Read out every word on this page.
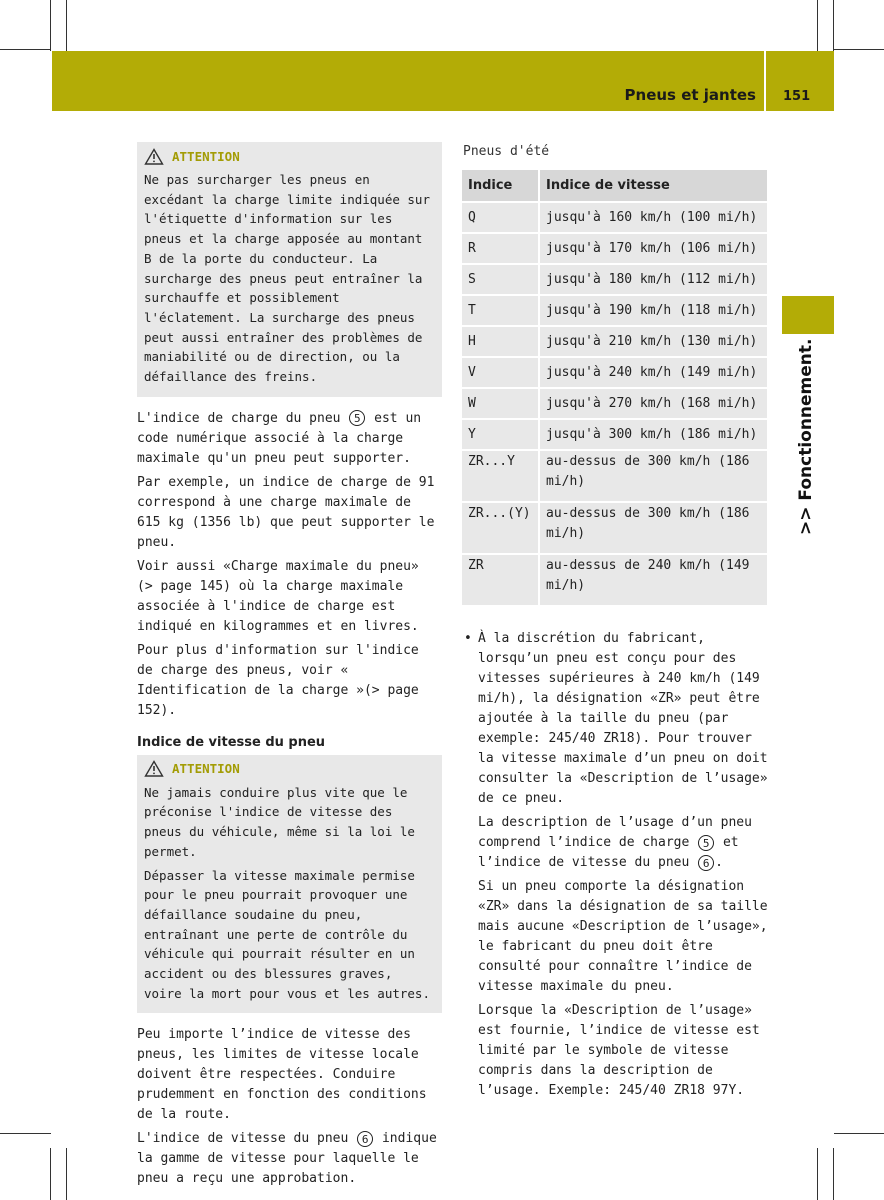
Pneus et jantes 151
>> Fonctionnement.
ATTENTION

Ne pas surcharger les pneus en excédant la charge limite indiquée sur l'étiquette d'information sur les pneus et la charge apposée au montant B de la porte du conducteur. La surcharge des pneus peut entraîner la surchauffe et possiblement l'éclatement. La surcharge des pneus peut aussi entraîner des problèmes de maniabilité ou de direction, ou la défaillance des freins.

L'indice de charge du pneu 5 est un code numérique associé à la charge maximale qu'un pneu peut supporter.

Par exemple, un indice de charge de 91 correspond à une charge maximale de 615 kg (1356 lb) que peut supporter le pneu.

Voir aussi «Charge maximale du pneu» (> page 145) où la charge maximale associée à l'indice de charge est indiqué en kilogrammes et en livres.

Pour plus d'information sur l'indice de charge des pneus, voir « Identification de la charge »(> page 152).

Indice de vitesse du pneu
ATTENTION

Ne jamais conduire plus vite que le préconise l'indice de vitesse des pneus du véhicule, même si la loi le permet.

Dépasser la vitesse maximale permise pour le pneu pourrait provoquer une défaillance soudaine du pneu, entraînant une perte de contrôle du véhicule qui pourrait résulter en un accident ou des blessures graves, voire la mort pour vous et les autres.

Peu importe l’indice de vitesse des pneus, les limites de vitesse locale doivent être respectées. Conduire prudemment en fonction des conditions de la route.

L'indice de vitesse du pneu 6 indique la gamme de vitesse pour laquelle le pneu a reçu une approbation.

Pneus d'été
Indice	Indice de vitesse
Q	jusqu'à 160 km/h (100 mi/h)
R	jusqu'à 170 km/h (106 mi/h)
S	jusqu'à 180 km/h (112 mi/h)
T	jusqu'à 190 km/h (118 mi/h)
H	jusqu'à 210 km/h (130 mi/h)
V	jusqu'à 240 km/h (149 mi/h)
W	jusqu'à 270 km/h (168 mi/h)
Y	jusqu'à 300 km/h (186 mi/h)
ZR...Y	au-dessus de 300 km/h (186 mi/h)
ZR...(Y)	au-dessus de 300 km/h (186 mi/h)
ZR	au-dessus de 240 km/h (149 mi/h)
• À la discrétion du fabricant, lorsqu’un pneu est conçu pour des vitesses supérieures à 240 km/h (149 mi/h), la désignation «ZR» peut être ajoutée à la taille du pneu (par exemple: 245/40 ZR18). Pour trouver la vitesse maximale d’un pneu on doit consulter la «Description de l’usage» de ce pneu.

La description de l’usage d’un pneu comprend l’indice de charge 5 et l’indice de vitesse du pneu 6 .

Si un pneu comporte la désignation «ZR» dans la désignation de sa taille mais aucune «Description de l’usage», le fabricant du pneu doit être consulté pour connaître l’indice de vitesse maximale du pneu.

Lorsque la «Description de l’usage» est fournie, l’indice de vitesse est limité par le symbole de vitesse compris dans la description de l’usage. Exemple: 245/40 ZR18 97Y.
